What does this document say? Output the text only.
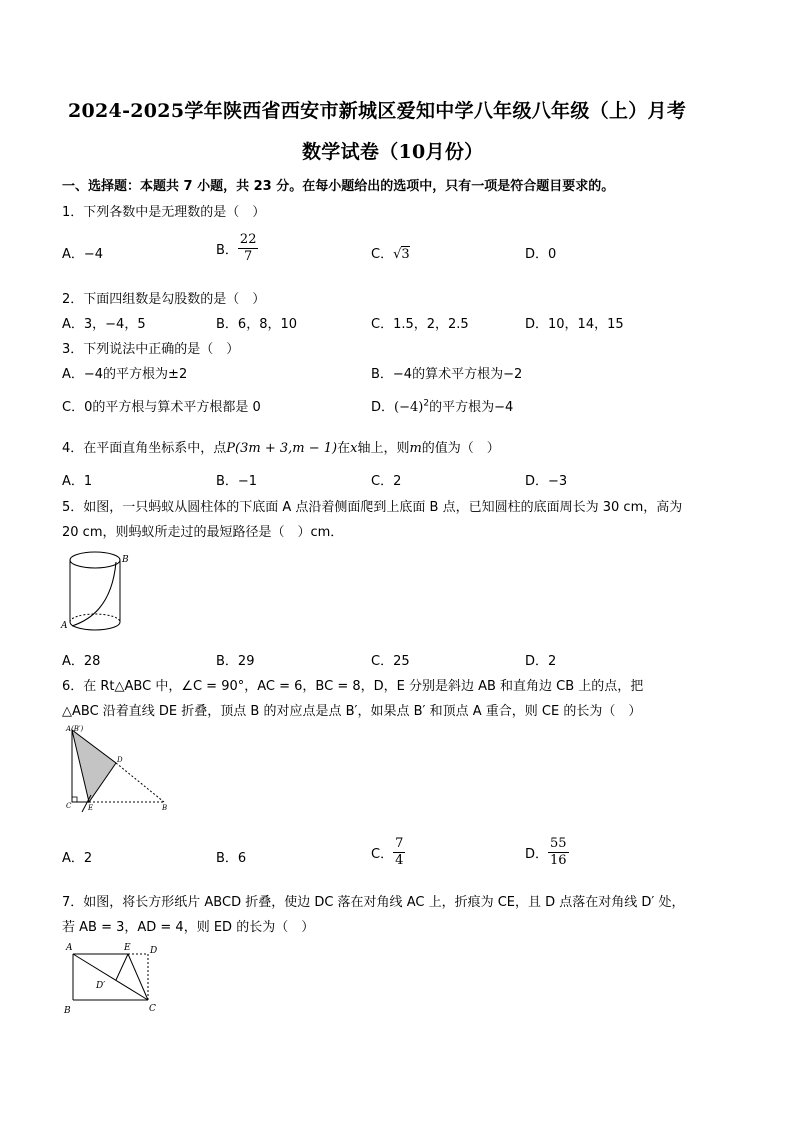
2024-2025学年陕西省西安市新城区爱知中学八年级八年级（上）月考
数学试卷（10月份）
一、选择题：本题共 7 小题，共 23 分。在每小题给出的选项中，只有一项是符合题目要求的。
1．下列各数中是无理数的是（　）
A．−4	B． $\frac{22}{7}$	C．√3	D．0
2．下面四组数是勾股数的是（　）
A．3，−4，5	B．6，8，10	C．1.5，2，2.5	D．10，14，15
3．下列说法中正确的是（　）
A．−4的平方根为±2	B．−4的算术平方根为−2
C．0的平方根与算术平方根都是 0	D．$(-4)^2$的平方根为−4
4．在平面直角坐标系中，点P(3m + 3,m − 1)在x轴上，则m的值为（　）
A．1	B．−1	C．2	D．−3
5．如图，一只蚂蚁从圆柱体的下底面 A 点沿着侧面爬到上底面 B 点，已知圆柱的底面周长为 30 cm，高为
20 cm，则蚂蚁所走过的最短路径是（　）cm．
A
B
A．28	B．29	C．25	D．2
6．在 Rt△ABC 中，∠C = 90°，AC = 6，BC = 8，D，E 分别是斜边 AB 和直角边 CB 上的点，把
△ABC 沿着直线 DE 折叠，顶点 B 的对应点是点 B′，如果点 B′ 和顶点 A 重合，则 CE 的长为（　）
A(B′)
D
C E	B
A．2	B．6	C． $\frac{7}{4}$	D． $\frac{55}{16}$
7．如图，将长方形纸片 ABCD 折叠，使边 DC 落在对角线 AC 上，折痕为 CE，且 D 点落在对角线 D′ 处，
若 AB = 3，AD = 4，则 ED 的长为（　）
A	E D
D′
B	C
